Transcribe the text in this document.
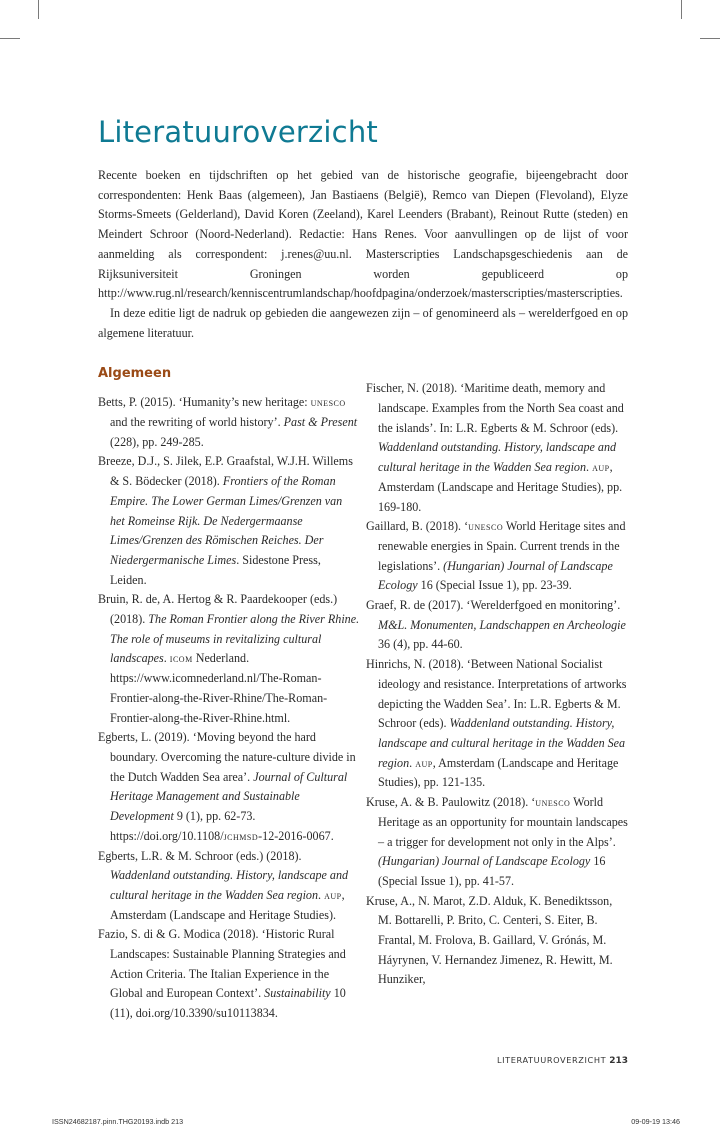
Literatuuroverzicht

Recente boeken en tijdschriften op het gebied van de historische geografie, bijeengebracht door correspondenten: Henk Baas (algemeen), Jan Bastiaens (België), Remco van Diepen (Flevoland), Elyze Storms-Smeets (Gelderland), David Koren (Zeeland), Karel Leenders (Brabant), Reinout Rutte (steden) en Meindert Schroor (Noord-Nederland). Redactie: Hans Renes. Voor aanvullingen op de lijst of voor aanmelding als correspondent: j.renes@uu.nl. Masterscripties Landschapsgeschiedenis aan de Rijksuniversiteit Groningen worden gepubliceerd op http://www.rug.nl/research/kenniscentrumlandschap/hoofdpagina/onderzoek/masterscripties/masterscripties.

In deze editie ligt de nadruk op gebieden die aangewezen zijn – of genomineerd als – werelderfgoed en op algemene literatuur.

Algemeen

Betts, P. (2015). ‘Humanity’s new heritage: unesco and the rewriting of world history’. Past & Present (228), pp. 249-285.

Breeze, D.J., S. Jilek, E.P. Graafstal, W.J.H. Willems & S. Bödecker (2018). Frontiers of the Roman Empire. The Lower German Limes/Grenzen van het Romeinse Rijk. De Nedergermaanse Limes/Grenzen des Römischen Reiches. Der Niedergermanische Limes. Sidestone Press, Leiden.

Bruin, R. de, A. Hertog & R. Paardekooper (eds.) (2018). The Roman Frontier along the River Rhine. The role of museums in revitalizing cultural landscapes. icom Nederland. https://www.icomnederland.nl/The-Roman-Frontier-along-the-River-Rhine/The-Roman-Frontier-along-the-River-Rhine.html.

Egberts, L. (2019). ‘Moving beyond the hard boundary. Overcoming the nature-culture divide in the Dutch Wadden Sea area’. Journal of Cultural Heritage Management and Sustainable Development 9 (1), pp. 62-73. https://doi.org/10.1108/jchmsd-12-2016-0067.

Egberts, L.R. & M. Schroor (eds.) (2018). Waddenland outstanding. History, landscape and cultural heritage in the Wadden Sea region. aup, Amsterdam (Landscape and Heritage Studies).

Fazio, S. di & G. Modica (2018). ‘Historic Rural Landscapes: Sustainable Planning Strategies and Action Criteria. The Italian Experience in the Global and European Context’. Sustainability 10 (11), doi.org/10.3390/su10113834.

Fischer, N. (2018). ‘Maritime death, memory and landscape. Examples from the North Sea coast and the islands’. In: L.R. Egberts & M. Schroor (eds). Waddenland outstanding. History, landscape and cultural heritage in the Wadden Sea region. aup, Amsterdam (Landscape and Heritage Studies), pp. 169-180.

Gaillard, B. (2018). ‘unesco World Heritage sites and renewable energies in Spain. Current trends in the legislations’. (Hungarian) Journal of Landscape Ecology 16 (Special Issue 1), pp. 23-39.

Graef, R. de (2017). ‘Werelderfgoed en monitoring’. M&L. Monumenten, Landschappen en Archeologie 36 (4), pp. 44-60.

Hinrichs, N. (2018). ‘Between National Socialist ideology and resistance. Interpretations of artworks depicting the Wadden Sea’. In: L.R. Egberts & M. Schroor (eds). Waddenland outstanding. History, landscape and cultural heritage in the Wadden Sea region. aup, Amsterdam (Landscape and Heritage Studies), pp. 121-135.

Kruse, A. & B. Paulowitz (2018). ‘unesco World Heritage as an opportunity for mountain landscapes – a trigger for development not only in the Alps’. (Hungarian) Journal of Landscape Ecology 16 (Special Issue 1), pp. 41-57.

Kruse, A., N. Marot, Z.D. Alduk, K. Benediktsson, M. Bottarelli, P. Brito, C. Centeri, S. Eiter, B. Frantal, M. Frolova, B. Gaillard, V. Grónás, M. Háyrynen, V. Hernandez Jimenez, R. Hewitt, M. Hunziker,

LITERATUUROVERZICHT 213
ISSN24682187.pinn.THG20193.indb 213	09-09-19 13:46
